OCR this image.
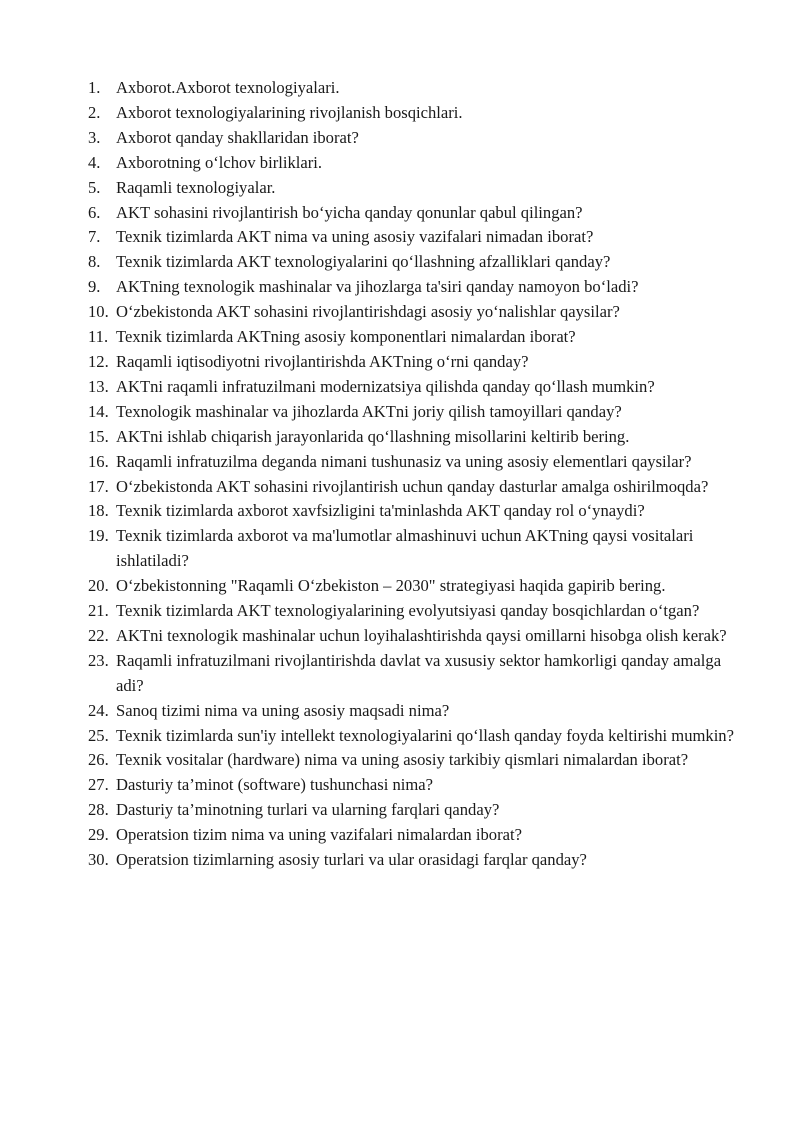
1. Axborot.Axborot texnologiyalari.
2. Axborot texnologiyalarining rivojlanish bosqichlari.
3. Axborot qanday shakllaridan iborat?
4. Axborotning o‘lchov birliklari.
5. Raqamli texnologiyalar.
6. AKT sohasini rivojlantirish bo‘yicha qanday qonunlar qabul qilingan?
7. Texnik tizimlarda AKT nima va uning asosiy vazifalari nimadan iborat?
8. Texnik tizimlarda AKT texnologiyalarini qo‘llashning afzalliklari qanday?
9. AKTning texnologik mashinalar va jihozlarga ta'siri qanday namoyon bo‘ladi?
10. O‘zbekistonda AKT sohasini rivojlantirishdagi asosiy yo‘nalishlar qaysilar?
11. Texnik tizimlarda AKTning asosiy komponentlari nimalardan iborat?
12. Raqamli iqtisodiyotni rivojlantirishda AKTning o‘rni qanday?
13. AKTni raqamli infratuzilmani modernizatsiya qilishda qanday qo‘llash mumkin?
14. Texnologik mashinalar va jihozlarda AKTni joriy qilish tamoyillari qanday?
15. AKTni ishlab chiqarish jarayonlarida qo‘llashning misollarini keltirib bering.
16. Raqamli infratuzilma deganda nimani tushunasiz va uning asosiy elementlari qaysilar?
17. O‘zbekistonda AKT sohasini rivojlantirish uchun qanday dasturlar amalga oshirilmoqda?
18. Texnik tizimlarda axborot xavfsizligini ta'minlashda AKT qanday rol o‘ynaydi?
19. Texnik tizimlarda axborot va ma'lumotlar almashinuvi uchun AKTning qaysi vositalari ishlatiladi?
20. O‘zbekistonning "Raqamli O‘zbekiston – 2030" strategiyasi haqida gapirib bering.
21. Texnik tizimlarda AKT texnologiyalarining evolyutsiyasi qanday bosqichlardan o‘tgan?
22. AKTni texnologik mashinalar uchun loyihalashtirishda qaysi omillarni hisobga olish kerak?
23. Raqamli infratuzilmani rivojlantirishda davlat va xususiy sektor hamkorligi qanday amalga adi?
24. Sanoq tizimi nima va uning asosiy maqsadi nima?
25. Texnik tizimlarda sun'iy intellekt texnologiyalarini qo‘llash qanday foyda keltirishi mumkin?
26. Texnik vositalar (hardware) nima va uning asosiy tarkibiy qismlari nimalardan iborat?
27. Dasturiy ta’minot (software) tushunchasi nima?
28. Dasturiy ta’minotning turlari va ularning farqlari qanday?
29. Operatsion tizim nima va uning vazifalari nimalardan iborat?
30. Operatsion tizimlarning asosiy turlari va ular orasidagi farqlar qanday?
